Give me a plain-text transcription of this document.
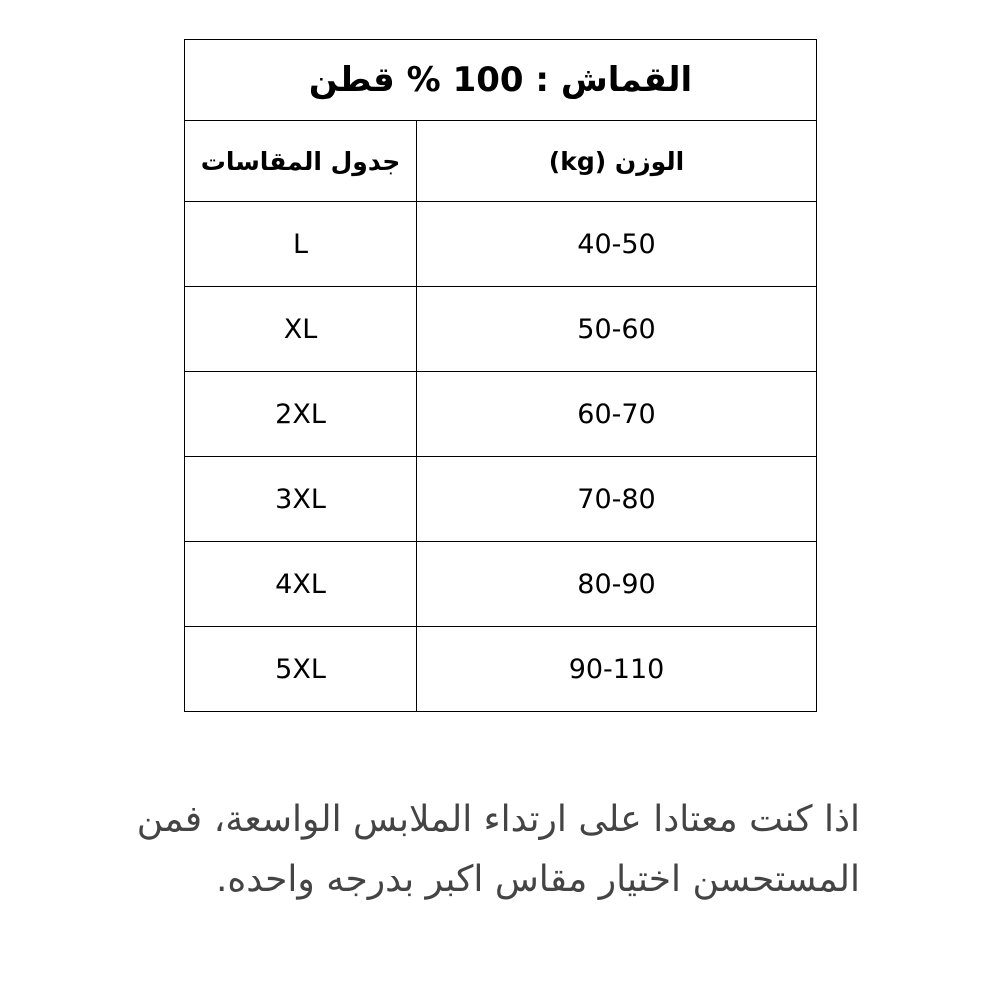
القماش : 100 % قطن	
جدول المقاسات	الوزن (kg)
L	40-50
XL	50-60
2XL	60-70
3XL	70-80
4XL	80-90
5XL	90-110

اذا كنت معتادا على ارتداء الملابس الواسعة، فمن

المستحسن اختيار مقاس اكبر بدرجه واحده.
